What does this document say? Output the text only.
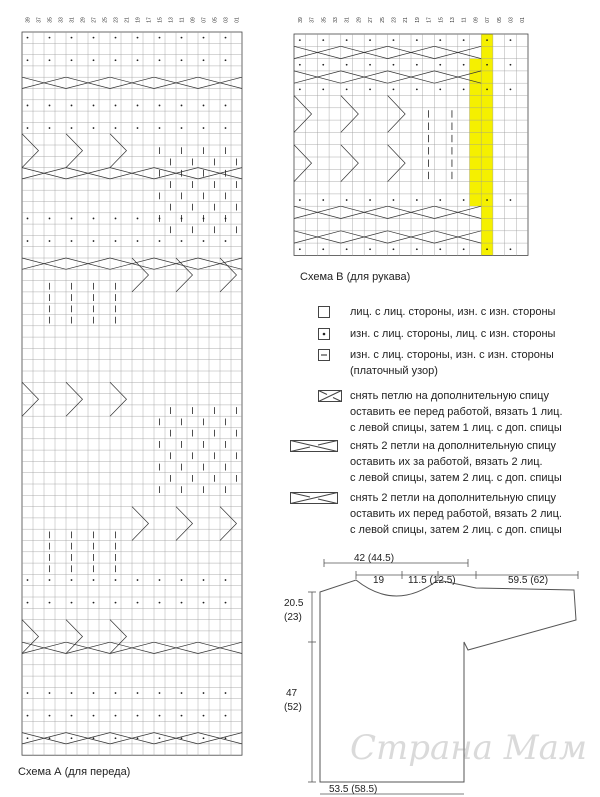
39 37 35 33 31 29 27 25 23 21 19 17 15 13 11 09 07 05 03 01
Схема А (для переда)
39 37 35 33 31 29 27 25 23 21 19 17 15 13 11 09 07 05 03 01
Схема В (для рукава)
лиц. с лиц. стороны, изн. с изн. стороны
изн. с лиц. стороны, лиц. с изн. стороны
изн. с лиц. стороны, изн. с изн. стороны
(платочный узор)
снять петлю на дополнительную спицу
оставить ее перед работой, вязать 1 лиц.
с левой спицы, затем 1 лиц. с доп. спицы
снять 2 петли на дополнительную спицу
оставить их за работой, вязать 2 лиц.
с левой спицы, затем 2 лиц. с доп. спицы
снять 2 петли на дополнительную спицу
оставить их перед работой, вязать 2 лиц.
с левой спицы, затем 2 лиц. с доп. спицы
42 (44.5)
19 11.5 (12.5)	59.5 (62)
20.5
(23)
47
(52)
53.5 (58.5)
Страна Мам
